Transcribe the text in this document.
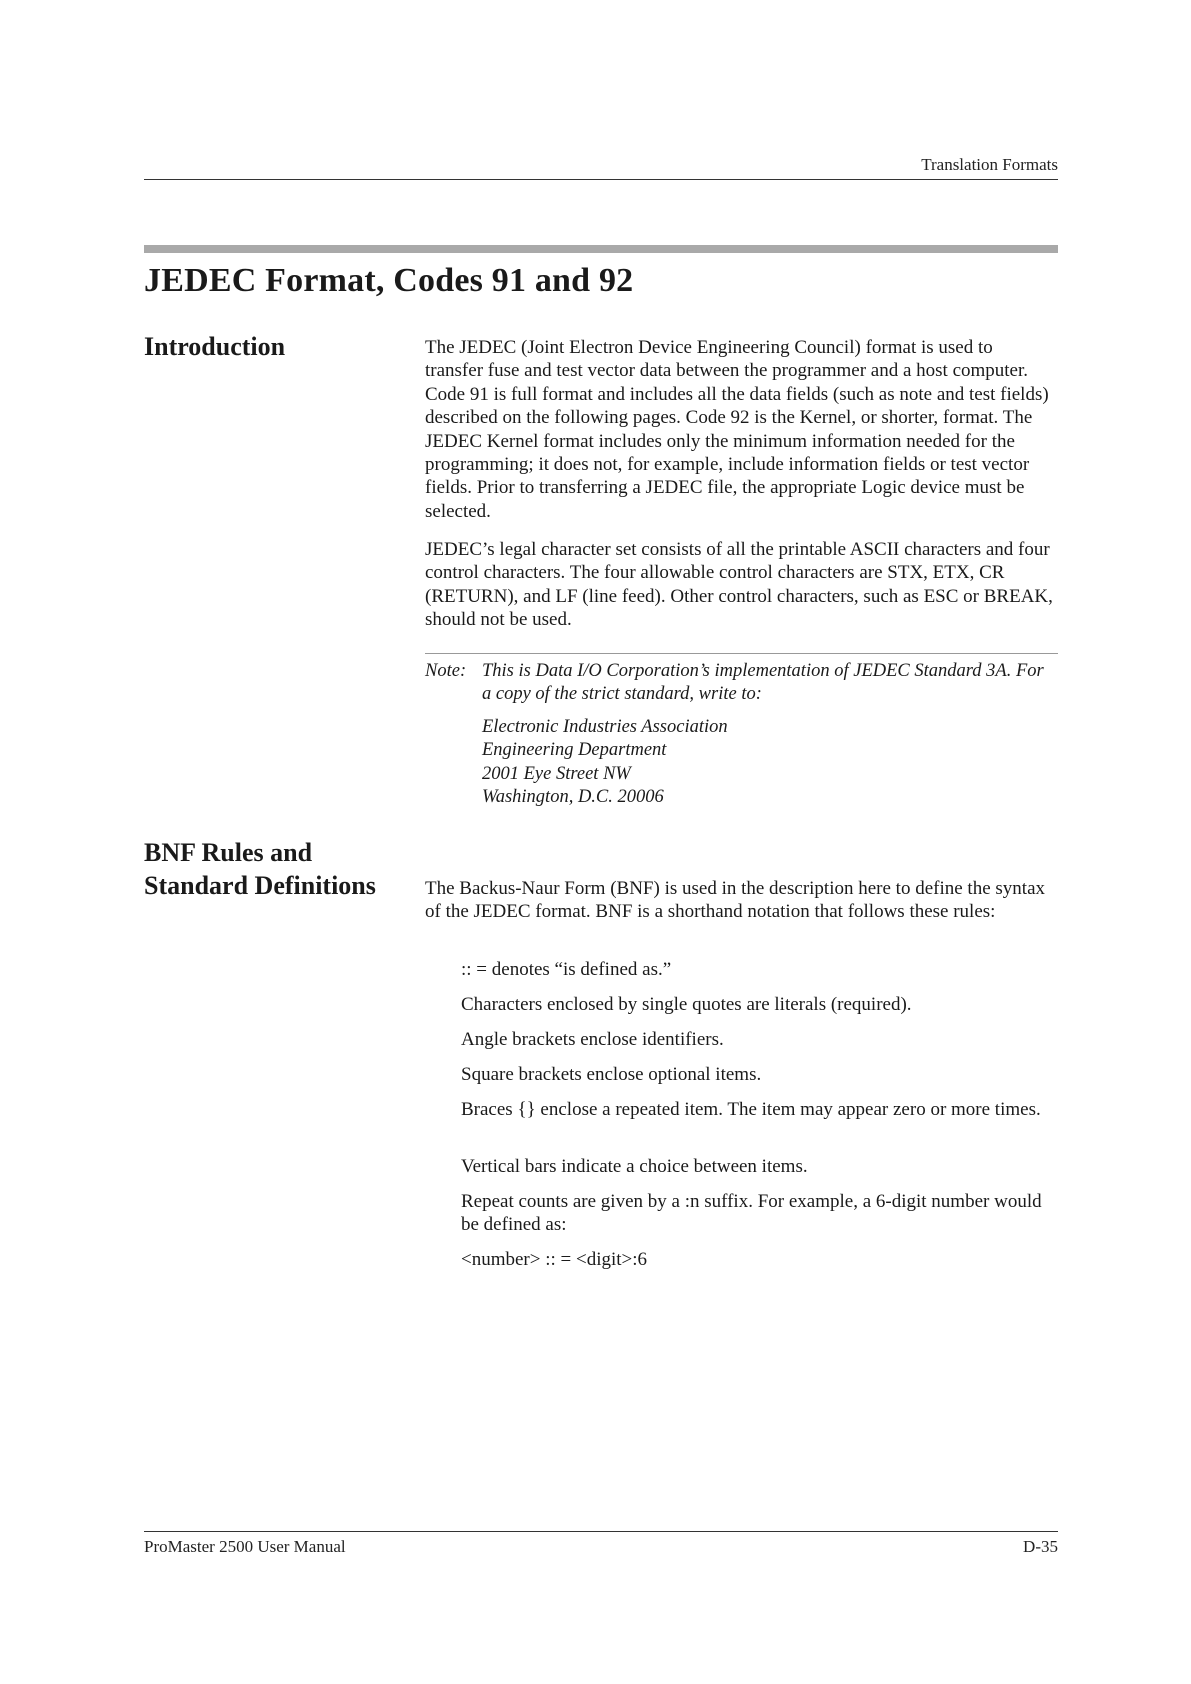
Translation Formats
JEDEC Format, Codes 91 and 92
Introduction	The JEDEC (Joint Electron Device Engineering Council) format is used to transfer fuse and test vector data between the programmer and a host computer. Code 91 is full format and includes all the data fields (such as note and test fields) described on the following pages. Code 92 is the Kernel, or shorter, format. The JEDEC Kernel format includes only the minimum information needed for the programming; it does not, for example, include information fields or test vector fields. Prior to transferring a JEDEC file, the appropriate Logic device must be selected.

JEDEC’s legal character set consists of all the printable ASCII characters and four control characters. The four allowable control characters are STX, ETX, CR (RETURN), and LF (line feed). Other control characters, such as ESC or BREAK, should not be used.

Note: This is Data I/O Corporation’s implementation of JEDEC Standard 3A. For a copy of the strict standard, write to:
Electronic Industries Association
Engineering Department
2001 Eye Street NW
Washington, D.C. 20006
BNF Rules and
Standard Definitions	The Backus-Naur Form (BNF) is used in the description here to define the syntax of the JEDEC format. BNF is a shorthand notation that follows these rules:

:: = denotes “is defined as.”

Characters enclosed by single quotes are literals (required).

Angle brackets enclose identifiers.

Square brackets enclose optional items.

Braces {} enclose a repeated item. The item may appear zero or more times.

Vertical bars indicate a choice between items.

Repeat counts are given by a :n suffix. For example, a 6-digit number would be defined as:

<number> :: = <digit>:6

ProMaster 2500 User Manual	D-35
